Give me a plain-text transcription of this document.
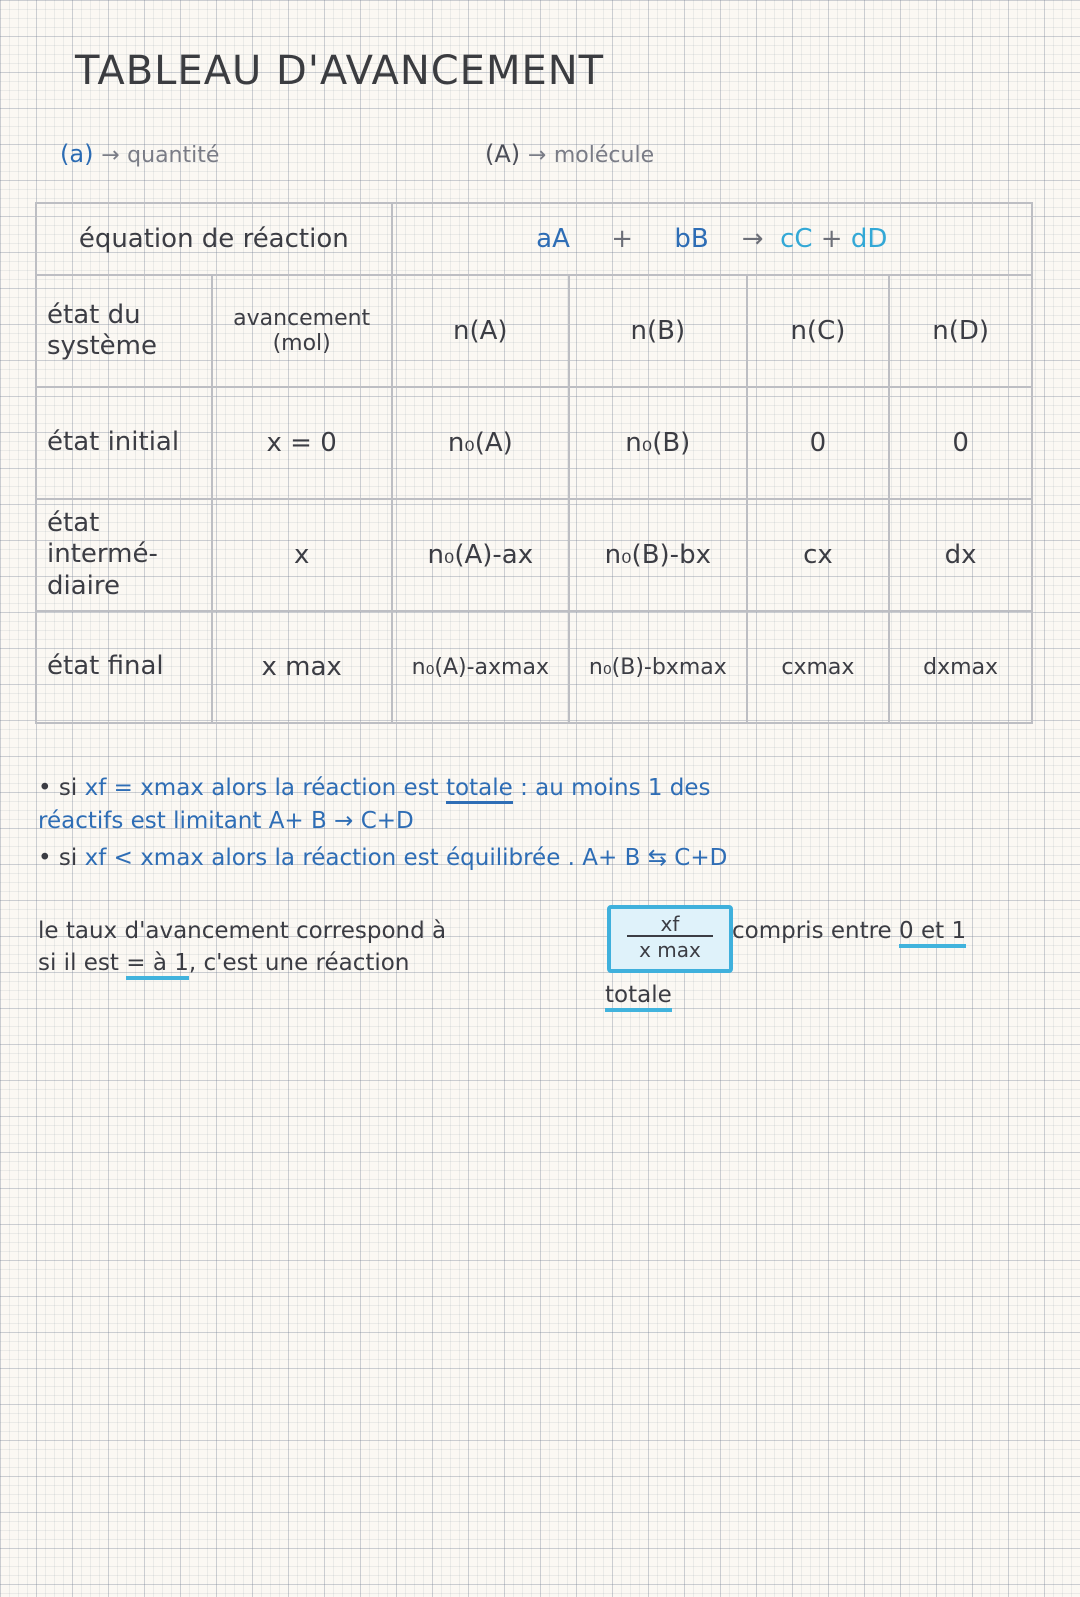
TABLEAU D'AVANCEMENT
(a) → quantité	(A) → molécule
équation de réaction		aA + bB → cC + dD			
état du système	avancement (mol)	n(A)	n(B)	n(C)	n(D)
état initial	x = 0	n₀(A)	n₀(B)	0	0
état intermé-diaire	x	n₀(A)-ax	n₀(B)-bx	cx	dx
état final	x max	n₀(A)-axmax	n₀(B)-bxmax	cxmax	dxmax
• si xf = xmax alors la réaction est totale : au moins 1 des
réactifs est limitant A+ B → C+D
• si xf < xmax alors la réaction est équilibrée . A+ B ⇆ C+D
le taux d'avancement correspond à	xf
x max
compris entre 0 et 1
si il est = à 1, c'est une réaction
totale
